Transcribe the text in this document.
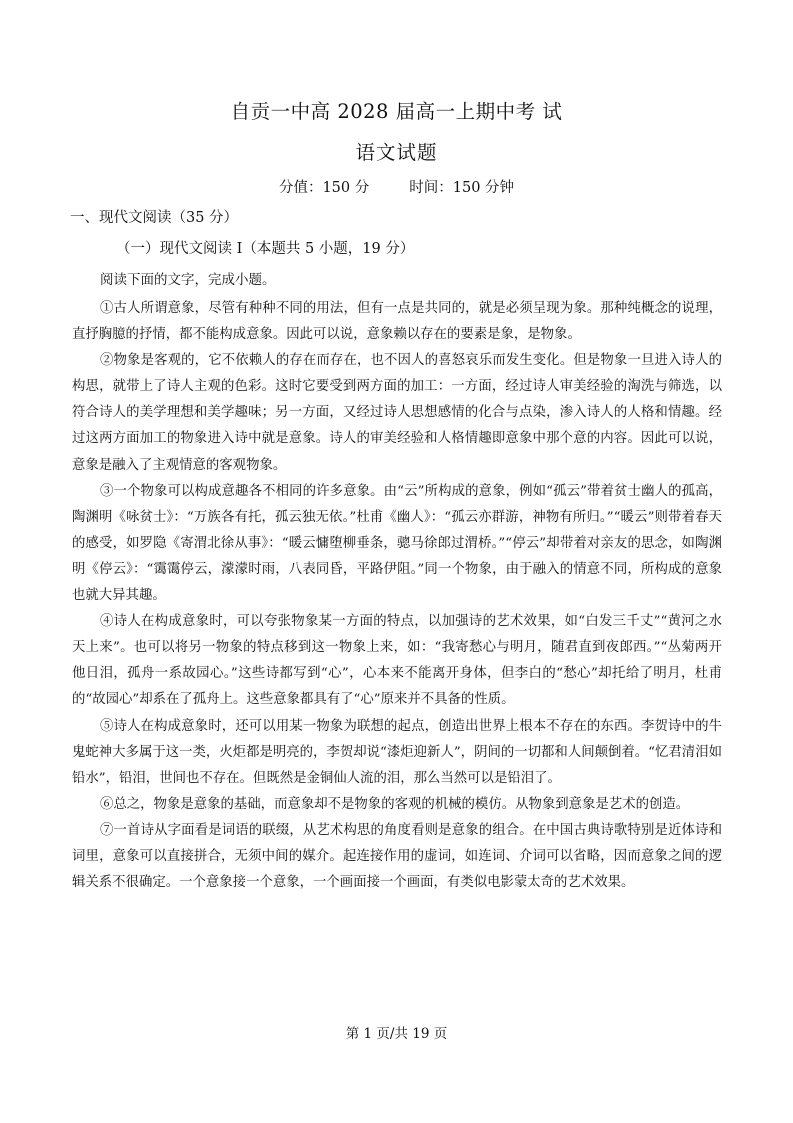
自贡一中高 2028 届高一上期中考 试
语文试题
分值：150 分	时间：150 分钟
一、现代文阅读（35 分）
（一）现代文阅读 I（本题共 5 小题，19 分）
阅读下面的文字，完成小题。

①古人所谓意象，尽管有种种不同的用法，但有一点是共同的，就是必须呈现为象。那种纯概念的说理，直抒胸臆的抒情，都不能构成意象。因此可以说，意象赖以存在的要素是象，是物象。

②物象是客观的，它不依赖人的存在而存在，也不因人的喜怒哀乐而发生变化。但是物象一旦进入诗人的构思，就带上了诗人主观的色彩。这时它要受到两方面的加工：一方面，经过诗人审美经验的淘洗与筛选，以符合诗人的美学理想和美学趣味；另一方面，又经过诗人思想感情的化合与点染，渗入诗人的人格和情趣。经过这两方面加工的物象进入诗中就是意象。诗人的审美经验和人格情趣即意象中那个意的内容。因此可以说，意象是融入了主观情意的客观物象。

③一个物象可以构成意趣各不相同的许多意象。由“云”所构成的意象，例如“孤云”带着贫士幽人的孤高，陶渊明《咏贫士》：“万族各有托，孤云独无依。”杜甫《幽人》：“孤云亦群游，神物有所归。”“暖云”则带着春天的感受，如罗隐《寄渭北徐从事》：“暖云慵堕柳垂条，骢马徐郎过渭桥。”“停云”却带着对亲友的思念，如陶渊明《停云》：“霭霭停云，濛濛时雨，八表同昏，平路伊阻。”同一个物象，由于融入的情意不同，所构成的意象也就大异其趣。

④诗人在构成意象时，可以夸张物象某一方面的特点，以加强诗的艺术效果，如“白发三千丈”“黄河之水天上来”。也可以将另一物象的特点移到这一物象上来，如：“我寄愁心与明月，随君直到夜郎西。”“丛菊两开他日泪，孤舟一系故园心。”这些诗都写到“心”，心本来不能离开身体，但李白的“愁心”却托给了明月，杜甫的“故园心”却系在了孤舟上。这些意象都具有了“心”原来并不具备的性质。

⑤诗人在构成意象时，还可以用某一物象为联想的起点，创造出世界上根本不存在的东西。李贺诗中的牛鬼蛇神大多属于这一类，火炬都是明亮的，李贺却说“漆炬迎新人”，阴间的一切都和人间颠倒着。“忆君清泪如铅水”，铅泪，世间也不存在。但既然是金铜仙人流的泪，那么当然可以是铅泪了。

⑥总之，物象是意象的基础，而意象却不是物象的客观的机械的模仿。从物象到意象是艺术的创造。

⑦一首诗从字面看是词语的联缀，从艺术构思的角度看则是意象的组合。在中国古典诗歌特别是近体诗和词里，意象可以直接拼合，无须中间的媒介。起连接作用的虚词，如连词、介词可以省略，因而意象之间的逻辑关系不很确定。一个意象接一个意象，一个画面接一个画面，有类似电影蒙太奇的艺术效果。

第 1 页/共 19 页
